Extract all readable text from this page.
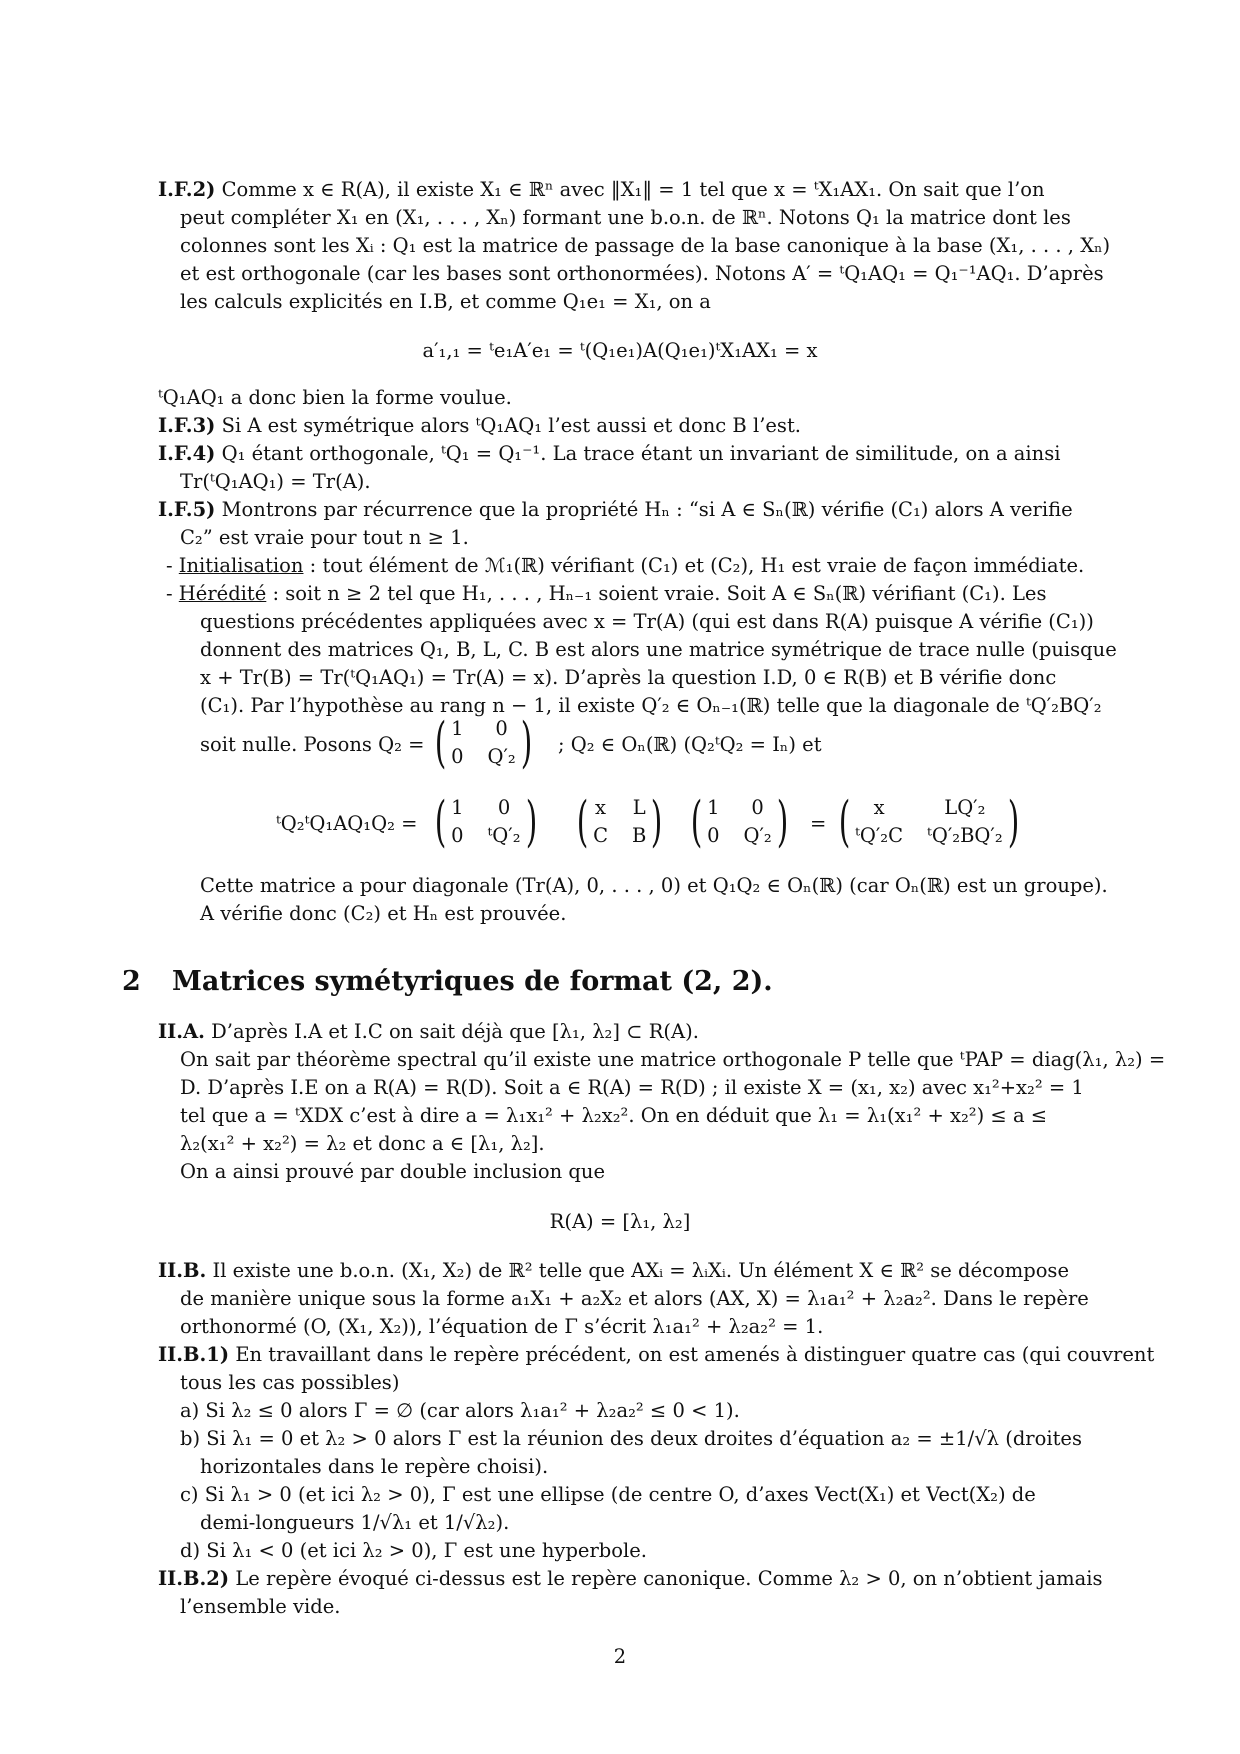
I.F.2) Comme x ∈ R(A), il existe X₁ ∈ ℝⁿ avec ‖X₁‖ = 1 tel que x = ᵗX₁AX₁. On sait que l’on
peut compléter X₁ en (X₁, . . . , Xₙ) formant une b.o.n. de ℝⁿ. Notons Q₁ la matrice dont les
colonnes sont les Xᵢ : Q₁ est la matrice de passage de la base canonique à la base (X₁, . . . , Xₙ)
et est orthogonale (car les bases sont orthonormées). Notons A′ = ᵗQ₁AQ₁ = Q₁⁻¹AQ₁. D’après
les calculs explicités en I.B, et comme Q₁e₁ = X₁, on a
a′₁,₁ = ᵗe₁A′e₁ = ᵗ(Q₁e₁)A(Q₁e₁)ᵗX₁AX₁ = x
ᵗQ₁AQ₁ a donc bien la forme voulue.
I.F.3) Si A est symétrique alors ᵗQ₁AQ₁ l’est aussi et donc B l’est.
I.F.4) Q₁ étant orthogonale, ᵗQ₁ = Q₁⁻¹. La trace étant un invariant de similitude, on a ainsi
Tr(ᵗQ₁AQ₁) = Tr(A).
I.F.5) Montrons par récurrence que la propriété Hₙ : “si A ∈ Sₙ(ℝ) vérifie (C₁) alors A verifie
C₂” est vraie pour tout n ≥ 1.
- Initialisation : tout élément de ℳ₁(ℝ) vérifiant (C₁) et (C₂), H₁ est vraie de façon immédiate.
- Hérédité : soit n ≥ 2 tel que H₁, . . . , Hₙ₋₁ soient vraie. Soit A ∈ Sₙ(ℝ) vérifiant (C₁). Les
questions précédentes appliquées avec x = Tr(A) (qui est dans R(A) puisque A vérifie (C₁))
donnent des matrices Q₁, B, L, C. B est alors une matrice symétrique de trace nulle (puisque
x + Tr(B) = Tr(ᵗQ₁AQ₁) = Tr(A) = x). D’après la question I.D, 0 ∈ R(B) et B vérifie donc
(C₁). Par l’hypothèse au rang n − 1, il existe Q′₂ ∈ Oₙ₋₁(ℝ) telle que la diagonale de ᵗQ′₂BQ′₂
soit nulle. Posons Q₂ = ( 1	0
0 Q′₂ ) ; Q₂ ∈ Oₙ(ℝ) (Q₂ᵗQ₂ = Iₙ) et
ᵗQ₂ᵗQ₁AQ₁Q₂ = ( 1	0
0 ᵗQ′₂ ) ( x L
C B ) ( 1	0
0 Q′₂ ) = (	x	LQ′₂
ᵗQ′₂C ᵗQ′₂BQ′₂ )
Cette matrice a pour diagonale (Tr(A), 0, . . . , 0) et Q₁Q₂ ∈ Oₙ(ℝ) (car Oₙ(ℝ) est un groupe).
A vérifie donc (C₂) et Hₙ est prouvée.
2 Matrices symétyriques de format (2, 2).
II.A. D’après I.A et I.C on sait déjà que [λ₁, λ₂] ⊂ R(A).
On sait par théorème spectral qu’il existe une matrice orthogonale P telle que ᵗPAP = diag(λ₁, λ₂) =
D. D’après I.E on a R(A) = R(D). Soit a ∈ R(A) = R(D) ; il existe X = (x₁, x₂) avec x₁²+x₂² = 1
tel que a = ᵗXDX c’est à dire a = λ₁x₁² + λ₂x₂². On en déduit que λ₁ = λ₁(x₁² + x₂²) ≤ a ≤
λ₂(x₁² + x₂²) = λ₂ et donc a ∈ [λ₁, λ₂].
On a ainsi prouvé par double inclusion que
R(A) = [λ₁, λ₂]
II.B. Il existe une b.o.n. (X₁, X₂) de ℝ² telle que AXᵢ = λᵢXᵢ. Un élément X ∈ ℝ² se décompose
de manière unique sous la forme a₁X₁ + a₂X₂ et alors (AX, X) = λ₁a₁² + λ₂a₂². Dans le repère
orthonormé (O, (X₁, X₂)), l’équation de Γ s’écrit λ₁a₁² + λ₂a₂² = 1.
II.B.1) En travaillant dans le repère précédent, on est amenés à distinguer quatre cas (qui couvrent
tous les cas possibles)
a) Si λ₂ ≤ 0 alors Γ = ∅ (car alors λ₁a₁² + λ₂a₂² ≤ 0 < 1).
b) Si λ₁ = 0 et λ₂ > 0 alors Γ est la réunion des deux droites d’équation a₂ = ±1/√λ (droites
horizontales dans le repère choisi).
c) Si λ₁ > 0 (et ici λ₂ > 0), Γ est une ellipse (de centre O, d’axes Vect(X₁) et Vect(X₂) de
demi-longueurs 1/√λ₁ et 1/√λ₂).
d) Si λ₁ < 0 (et ici λ₂ > 0), Γ est une hyperbole.
II.B.2) Le repère évoqué ci-dessus est le repère canonique. Comme λ₂ > 0, on n’obtient jamais
l’ensemble vide.
2
